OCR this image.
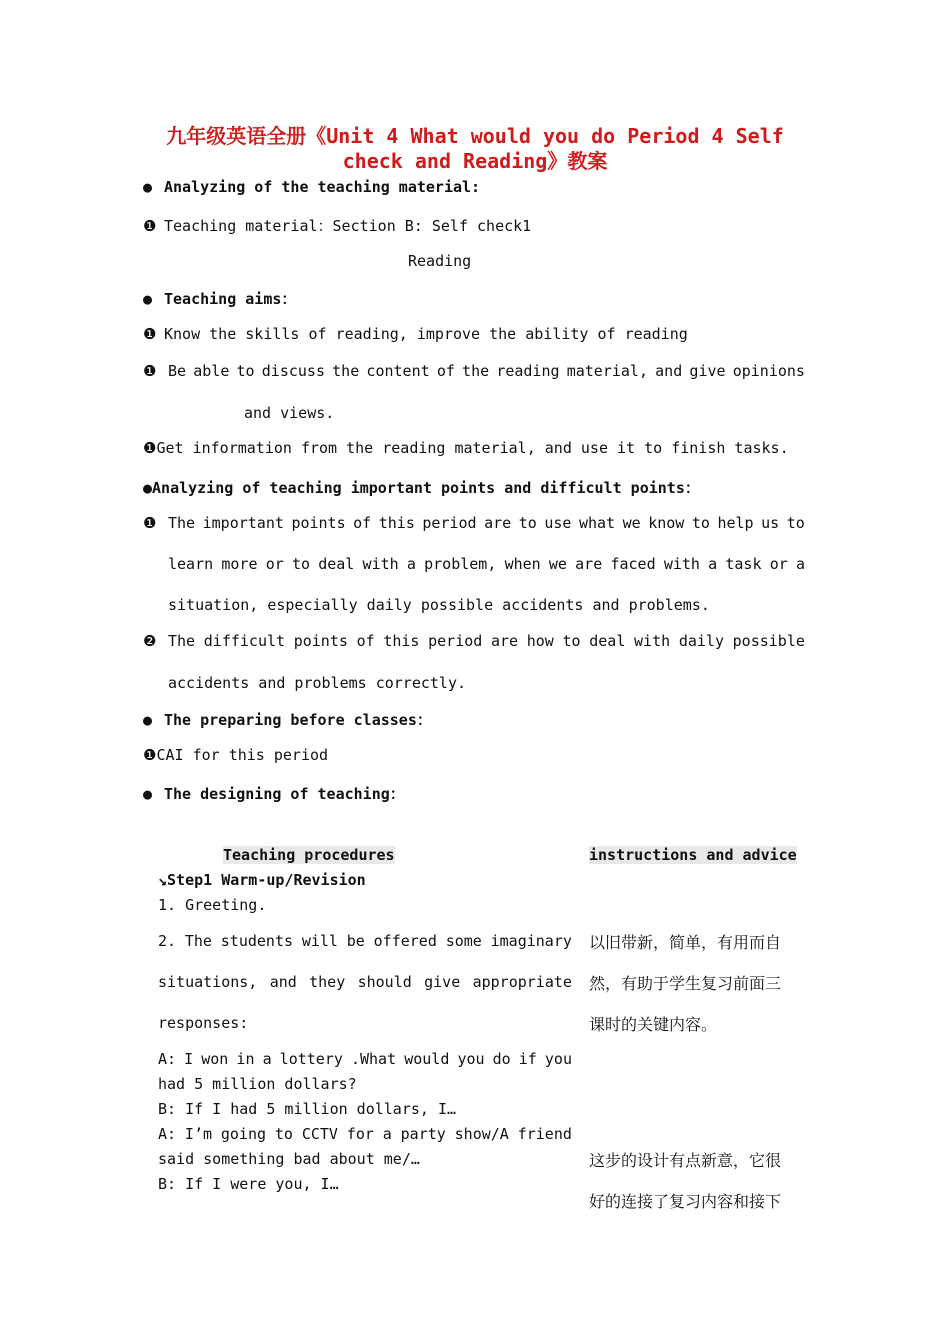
九年级英语全册《Unit 4 What would you do Period 4 Self
check and Reading》教案
● Analyzing of the teaching material:
❶ Teaching material：Section B: Self check1
Reading
● Teaching aims：
❶ Know the skills of reading, improve the ability of reading
❶ Be able to discuss the content of the reading material, and give opinions
and views.
❶Get information from the reading material, and use it to finish tasks.
●Analyzing of teaching important points and difficult points：
❶ The important points of this period are to use what we know to help us to
learn more or to deal with a problem, when we are faced with a task or a
situation, especially daily possible accidents and problems.
❷ The difficult points of this period are how to deal with daily possible
accidents and problems correctly.
● The preparing before classes：
❶CAI for this period
● The designing of teaching：
Teaching procedures	instructions and advice
↘Step1 Warm-up/Revision
1. Greeting.
2. The students will be offered some imaginary
situations, and they should give appropriate
responses:
A: I won in a lottery .What would you do if you
had 5 million dollars?
B: If I had 5 million dollars, I…
A: I’m going to CCTV for a party show/A friend
said something bad about me/…
B: If I were you, I…
以旧带新，简单，有用而自
然，有助于学生复习前面三
课时的关键内容。
这步的设计有点新意，它很
好的连接了复习内容和接下
